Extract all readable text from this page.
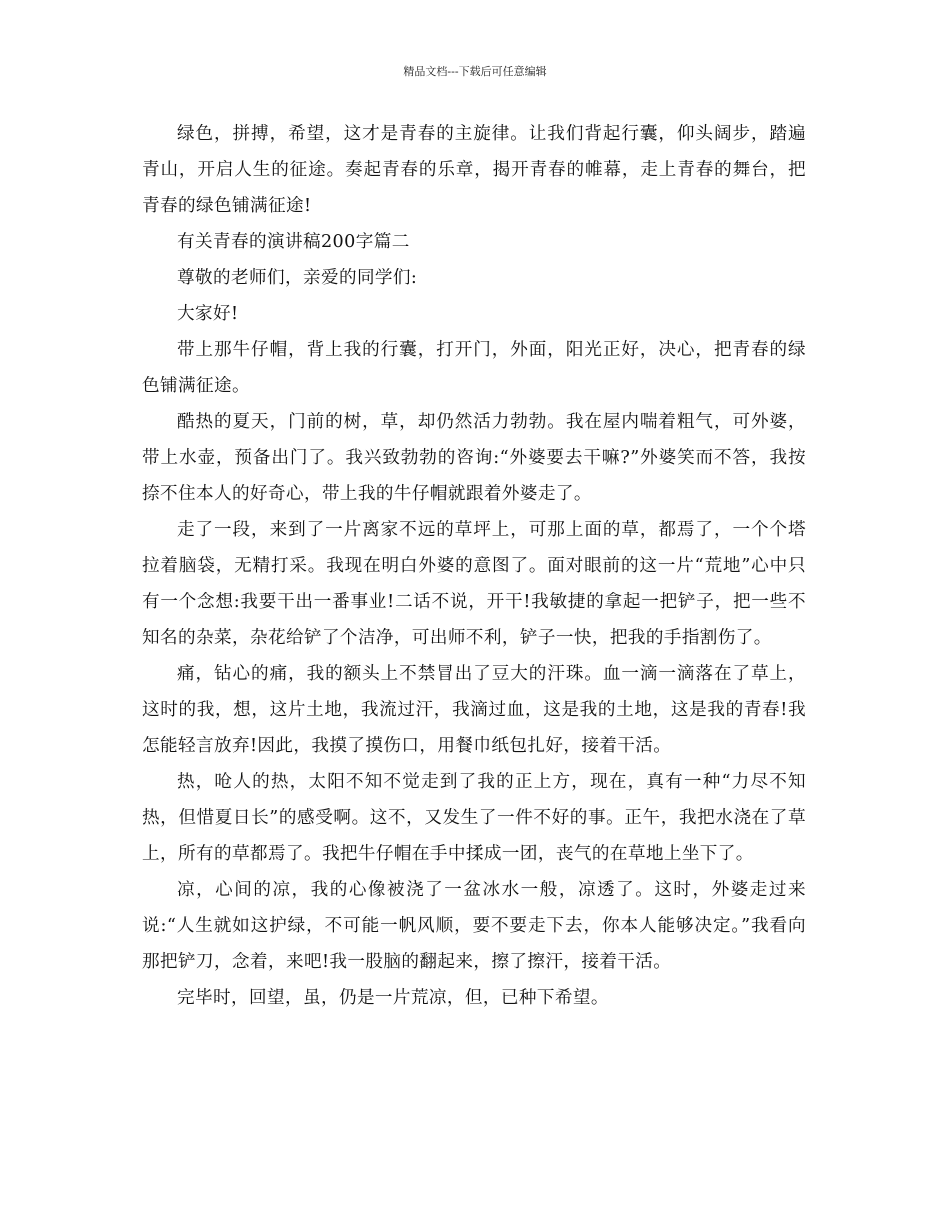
精品文档---下载后可任意编辑

绿色，拼搏，希望，这才是青春的主旋律。让我们背起行囊，仰头阔步，踏遍青山，开启人生的征途。奏起青春的乐章，揭开青春的帷幕，走上青春的舞台，把青春的绿色铺满征途!

有关青春的演讲稿200字篇二

尊敬的老师们，亲爱的同学们:

大家好!

带上那牛仔帽，背上我的行囊，打开门，外面，阳光正好，决心，把青春的绿色铺满征途。

酷热的夏天，门前的树，草，却仍然活力勃勃。我在屋内喘着粗气，可外婆，带上水壶，预备出门了。我兴致勃勃的咨询:“外婆要去干嘛?”外婆笑而不答，我按捺不住本人的好奇心，带上我的牛仔帽就跟着外婆走了。

走了一段，来到了一片离家不远的草坪上，可那上面的草，都焉了，一个个塔拉着脑袋，无精打采。我现在明白外婆的意图了。面对眼前的这一片“荒地”心中只有一个念想:我要干出一番事业!二话不说，开干!我敏捷的拿起一把铲子，把一些不知名的杂菜，杂花给铲了个洁净，可出师不利，铲子一快，把我的手指割伤了。

痛，钻心的痛，我的额头上不禁冒出了豆大的汗珠。血一滴一滴落在了草上，这时的我，想，这片土地，我流过汗，我滴过血，这是我的土地，这是我的青春!我怎能轻言放弃!因此，我摸了摸伤口，用餐巾纸包扎好，接着干活。

热，呛人的热，太阳不知不觉走到了我的正上方，现在，真有一种“力尽不知热，但惜夏日长”的感受啊。这不，又发生了一件不好的事。正午，我把水浇在了草上，所有的草都焉了。我把牛仔帽在手中揉成一团，丧气的在草地上坐下了。

凉，心间的凉，我的心像被浇了一盆冰水一般，凉透了。这时，外婆走过来说:“人生就如这护绿，不可能一帆风顺，要不要走下去，你本人能够决定。”我看向那把铲刀，念着，来吧!我一股脑的翻起来，擦了擦汗，接着干活。

完毕时，回望，虽，仍是一片荒凉，但，已种下希望。
